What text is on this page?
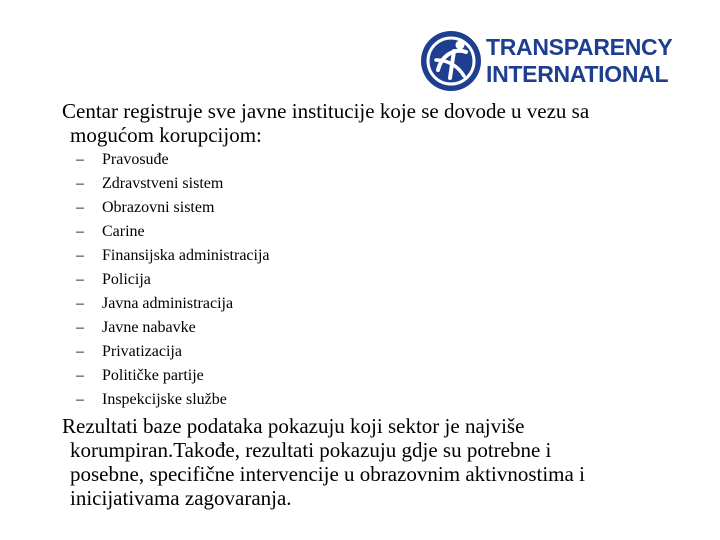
TRANSPARENCY
INTERNATIONAL
Centar registruje sve javne institucije koje se dovode u vezu sa
mogućom korupcijom:
– Pravosuđe
– Zdravstveni sistem
– Obrazovni sistem
– Carine
– Finansijska administracija
– Policija
– Javna administracija
– Javne nabavke
– Privatizacija
– Političke partije
– Inspekcijske službe
Rezultati baze podataka pokazuju koji sektor je najviše
korumpiran.Takođe, rezultati pokazuju gdje su potrebne i
posebne, specifične intervencije u obrazovnim aktivnostima i
inicijativama zagovaranja.
